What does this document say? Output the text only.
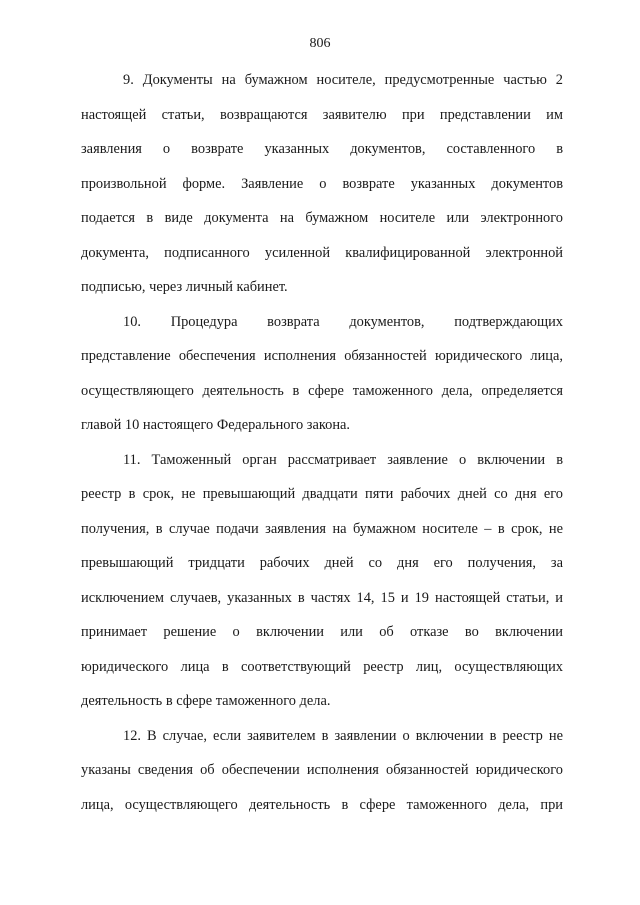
806
9. Документы на бумажном носителе, предусмотренные частью 2
настоящей статьи, возвращаются заявителю при представлении им
заявления о возврате указанных документов, составленного в
произвольной форме. Заявление о возврате указанных документов
подается в виде документа на бумажном носителе или электронного
документа, подписанного усиленной квалифицированной электронной
подписью, через личный кабинет.
10. Процедура возврата документов, подтверждающих
представление обеспечения исполнения обязанностей юридического лица,
осуществляющего деятельность в сфере таможенного дела, определяется
главой 10 настоящего Федерального закона.
11. Таможенный орган рассматривает заявление о включении в
реестр в срок, не превышающий двадцати пяти рабочих дней со дня его
получения, в случае подачи заявления на бумажном носителе – в срок, не
превышающий тридцати рабочих дней со дня его получения, за
исключением случаев, указанных в частях 14, 15 и 19 настоящей статьи, и
принимает решение о включении или об отказе во включении
юридического лица в соответствующий реестр лиц, осуществляющих
деятельность в сфере таможенного дела.
12. В случае, если заявителем в заявлении о включении в реестр не
указаны сведения об обеспечении исполнения обязанностей юридического
лица, осуществляющего деятельность в сфере таможенного дела, при
